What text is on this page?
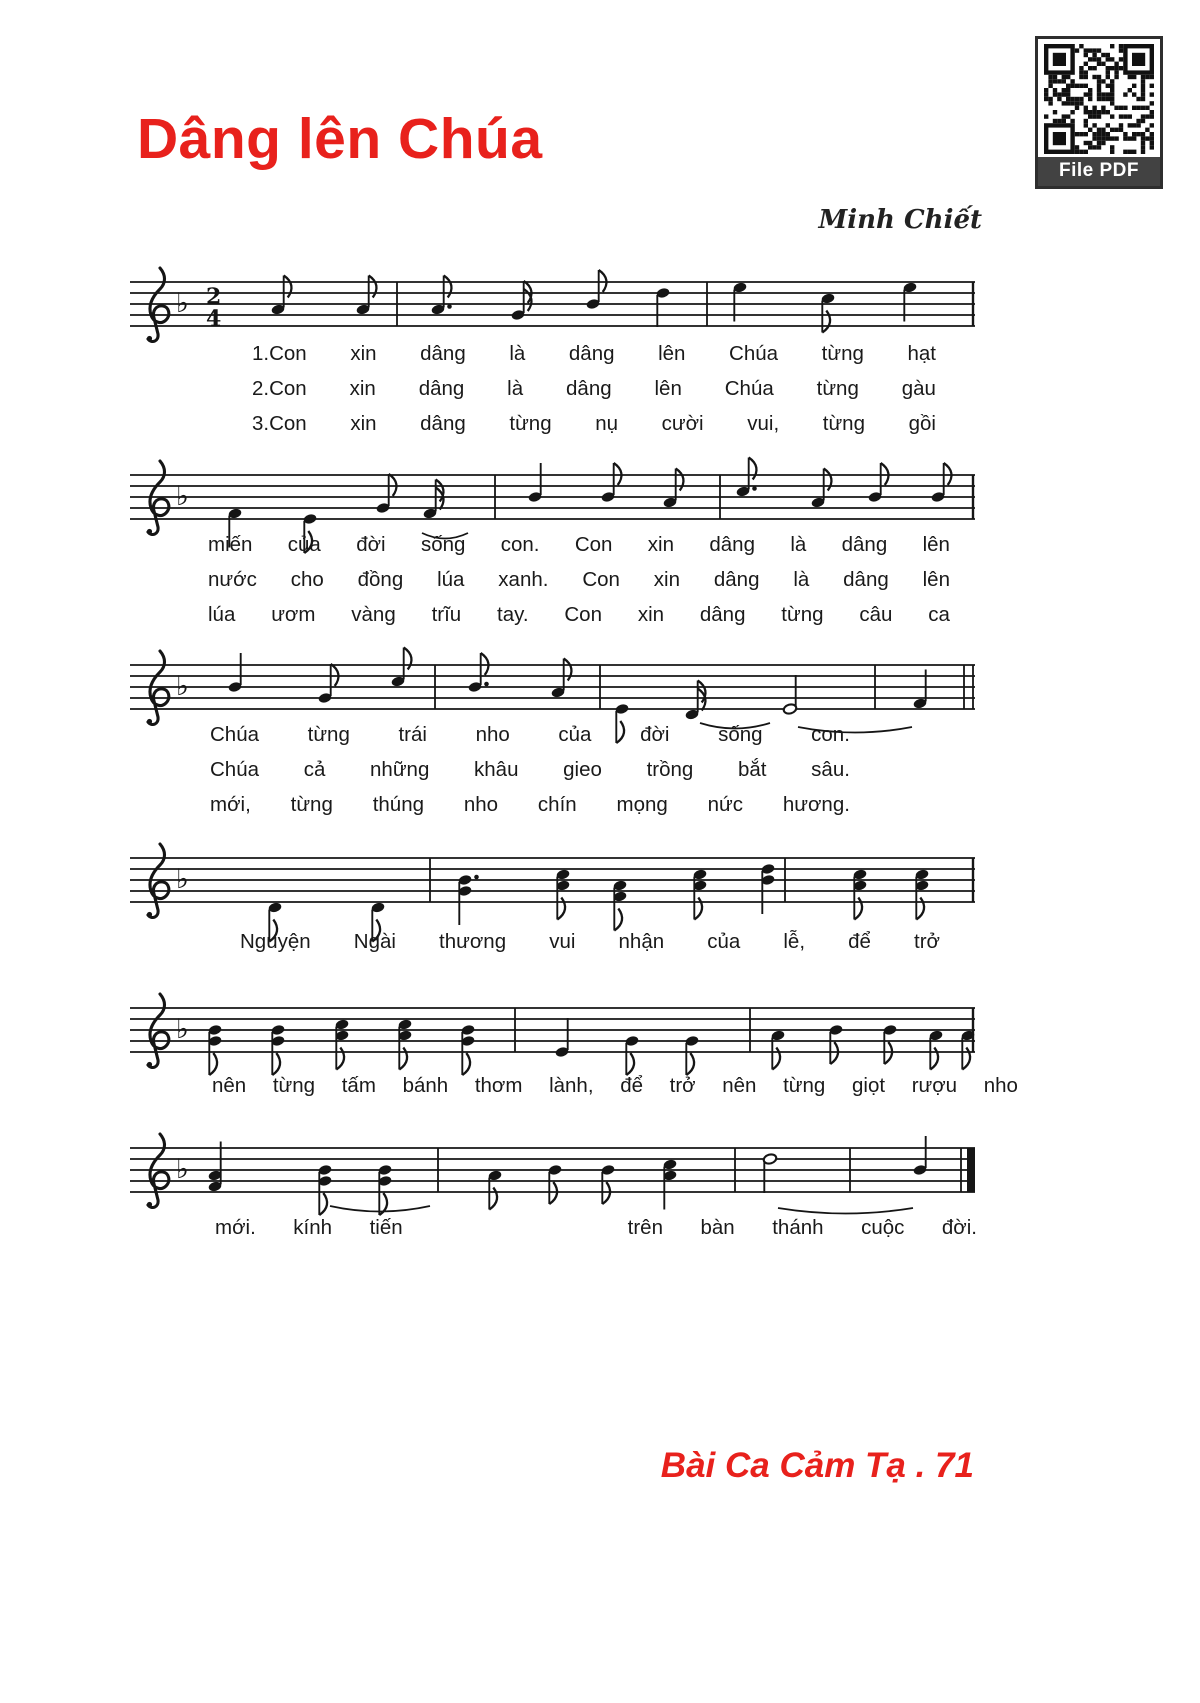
Dâng lên Chúa	File PDF
Minh Chiết
♭ 2
4
1.Con xin dâng là dâng lên Chúa từng hạt
2.Con xin dâng là dâng lên Chúa từng gàu
3.Con xin dâng từng nụ cười vui, từng gồi
♭
miến của đời sống con. Con xin dâng là dâng lên
nước cho đồng lúa xanh. Con xin dâng là dâng lên
lúa ươm vàng trĩu tay. Con xin dâng từng câu ca
♭
Chúa từng trái nho của đời sống con.
Chúa cả những khâu gieo trồng bắt sâu.
mới, từng thúng nho chín mọng nức hương.
♭
Nguyện Ngài thương vui nhận của lễ, để trở
♭
nên từng tấm bánh thơm lành, để trở nên từng giọt rượu nho
♭
mới. kính tiến	trên bàn thánh cuộc đời.
Bài Ca Cảm Tạ . 71
